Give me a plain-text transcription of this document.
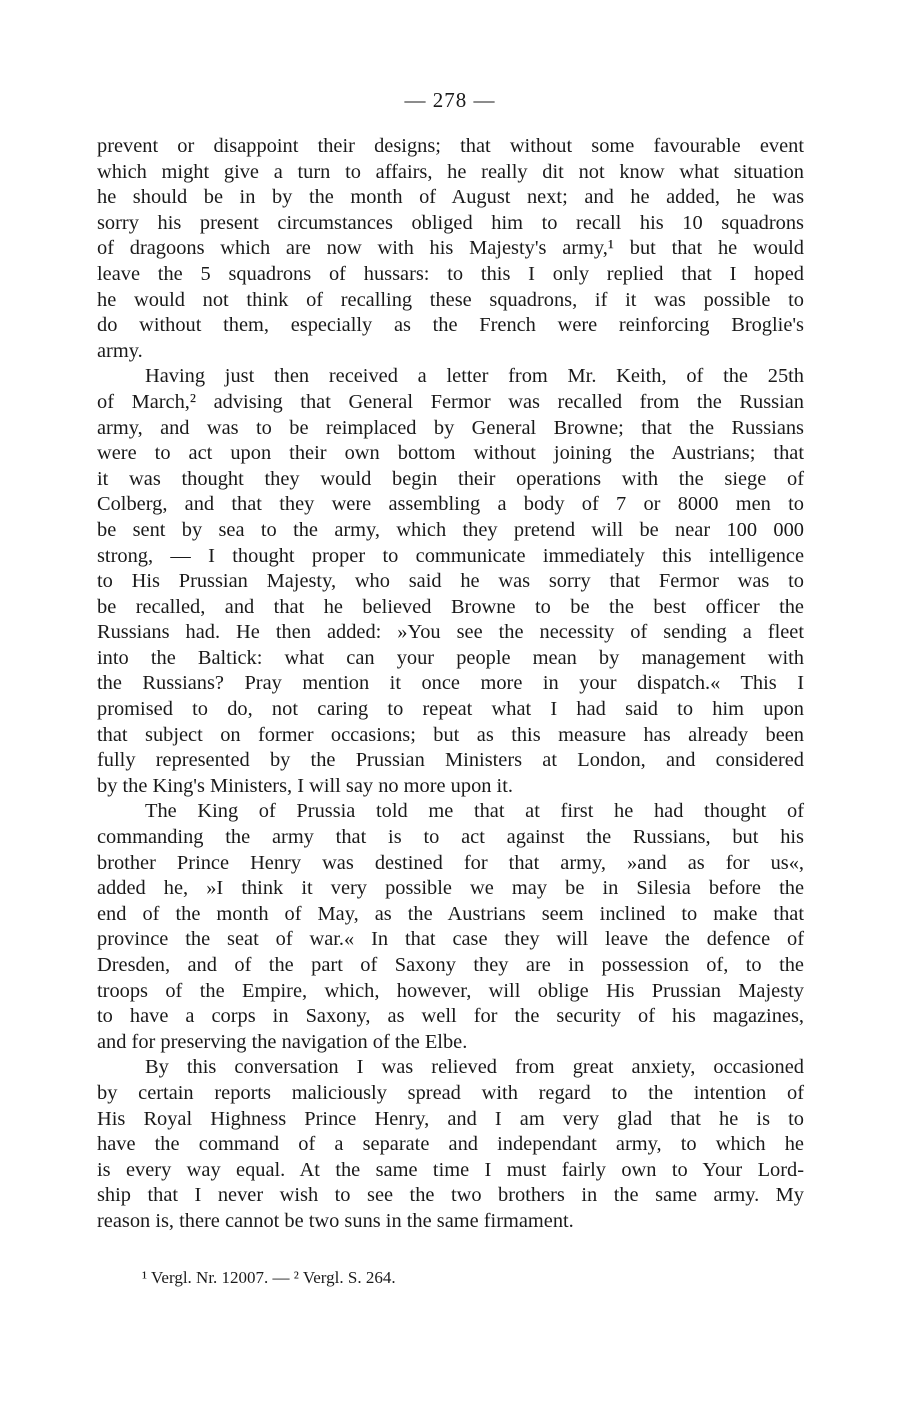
— 278 —
prevent or disappoint their designs; that without some favourable event
which might give a turn to affairs, he really dit not know what situation
he should be in by the month of August next; and he added, he was
sorry his present circumstances obliged him to recall his 10 squadrons
of dragoons which are now with his Majesty's army,¹ but that he would
leave the 5 squadrons of hussars: to this I only replied that I hoped
he would not think of recalling these squadrons, if it was possible to
do without them, especially as the French were reinforcing Broglie's
army.
Having just then received a letter from Mr. Keith, of the 25th
of March,² advising that General Fermor was recalled from the Russian
army, and was to be reimplaced by General Browne; that the Russians
were to act upon their own bottom without joining the Austrians; that
it was thought they would begin their operations with the siege of
Colberg, and that they were assembling a body of 7 or 8000 men to
be sent by sea to the army, which they pretend will be near 100 000
strong, — I thought proper to communicate immediately this intelligence
to His Prussian Majesty, who said he was sorry that Fermor was to
be recalled, and that he believed Browne to be the best officer the
Russians had. He then added: »You see the necessity of sending a fleet
into the Baltick: what can your people mean by management with
the Russians? Pray mention it once more in your dispatch.« This I
promised to do, not caring to repeat what I had said to him upon
that subject on former occasions; but as this measure has already been
fully represented by the Prussian Ministers at London, and considered
by the King's Ministers, I will say no more upon it.
The King of Prussia told me that at first he had thought of
commanding the army that is to act against the Russians, but his
brother Prince Henry was destined for that army, »and as for us«,
added he, »I think it very possible we may be in Silesia before the
end of the month of May, as the Austrians seem inclined to make that
province the seat of war.« In that case they will leave the defence of
Dresden, and of the part of Saxony they are in possession of, to the
troops of the Empire, which, however, will oblige His Prussian Majesty
to have a corps in Saxony, as well for the security of his magazines,
and for preserving the navigation of the Elbe.
By this conversation I was relieved from great anxiety, occasioned
by certain reports maliciously spread with regard to the intention of
His Royal Highness Prince Henry, and I am very glad that he is to
have the command of a separate and independant army, to which he
is every way equal. At the same time I must fairly own to Your Lord-
ship that I never wish to see the two brothers in the same army. My
reason is, there cannot be two suns in the same firmament.
¹ Vergl. Nr. 12007. — ² Vergl. S. 264.
